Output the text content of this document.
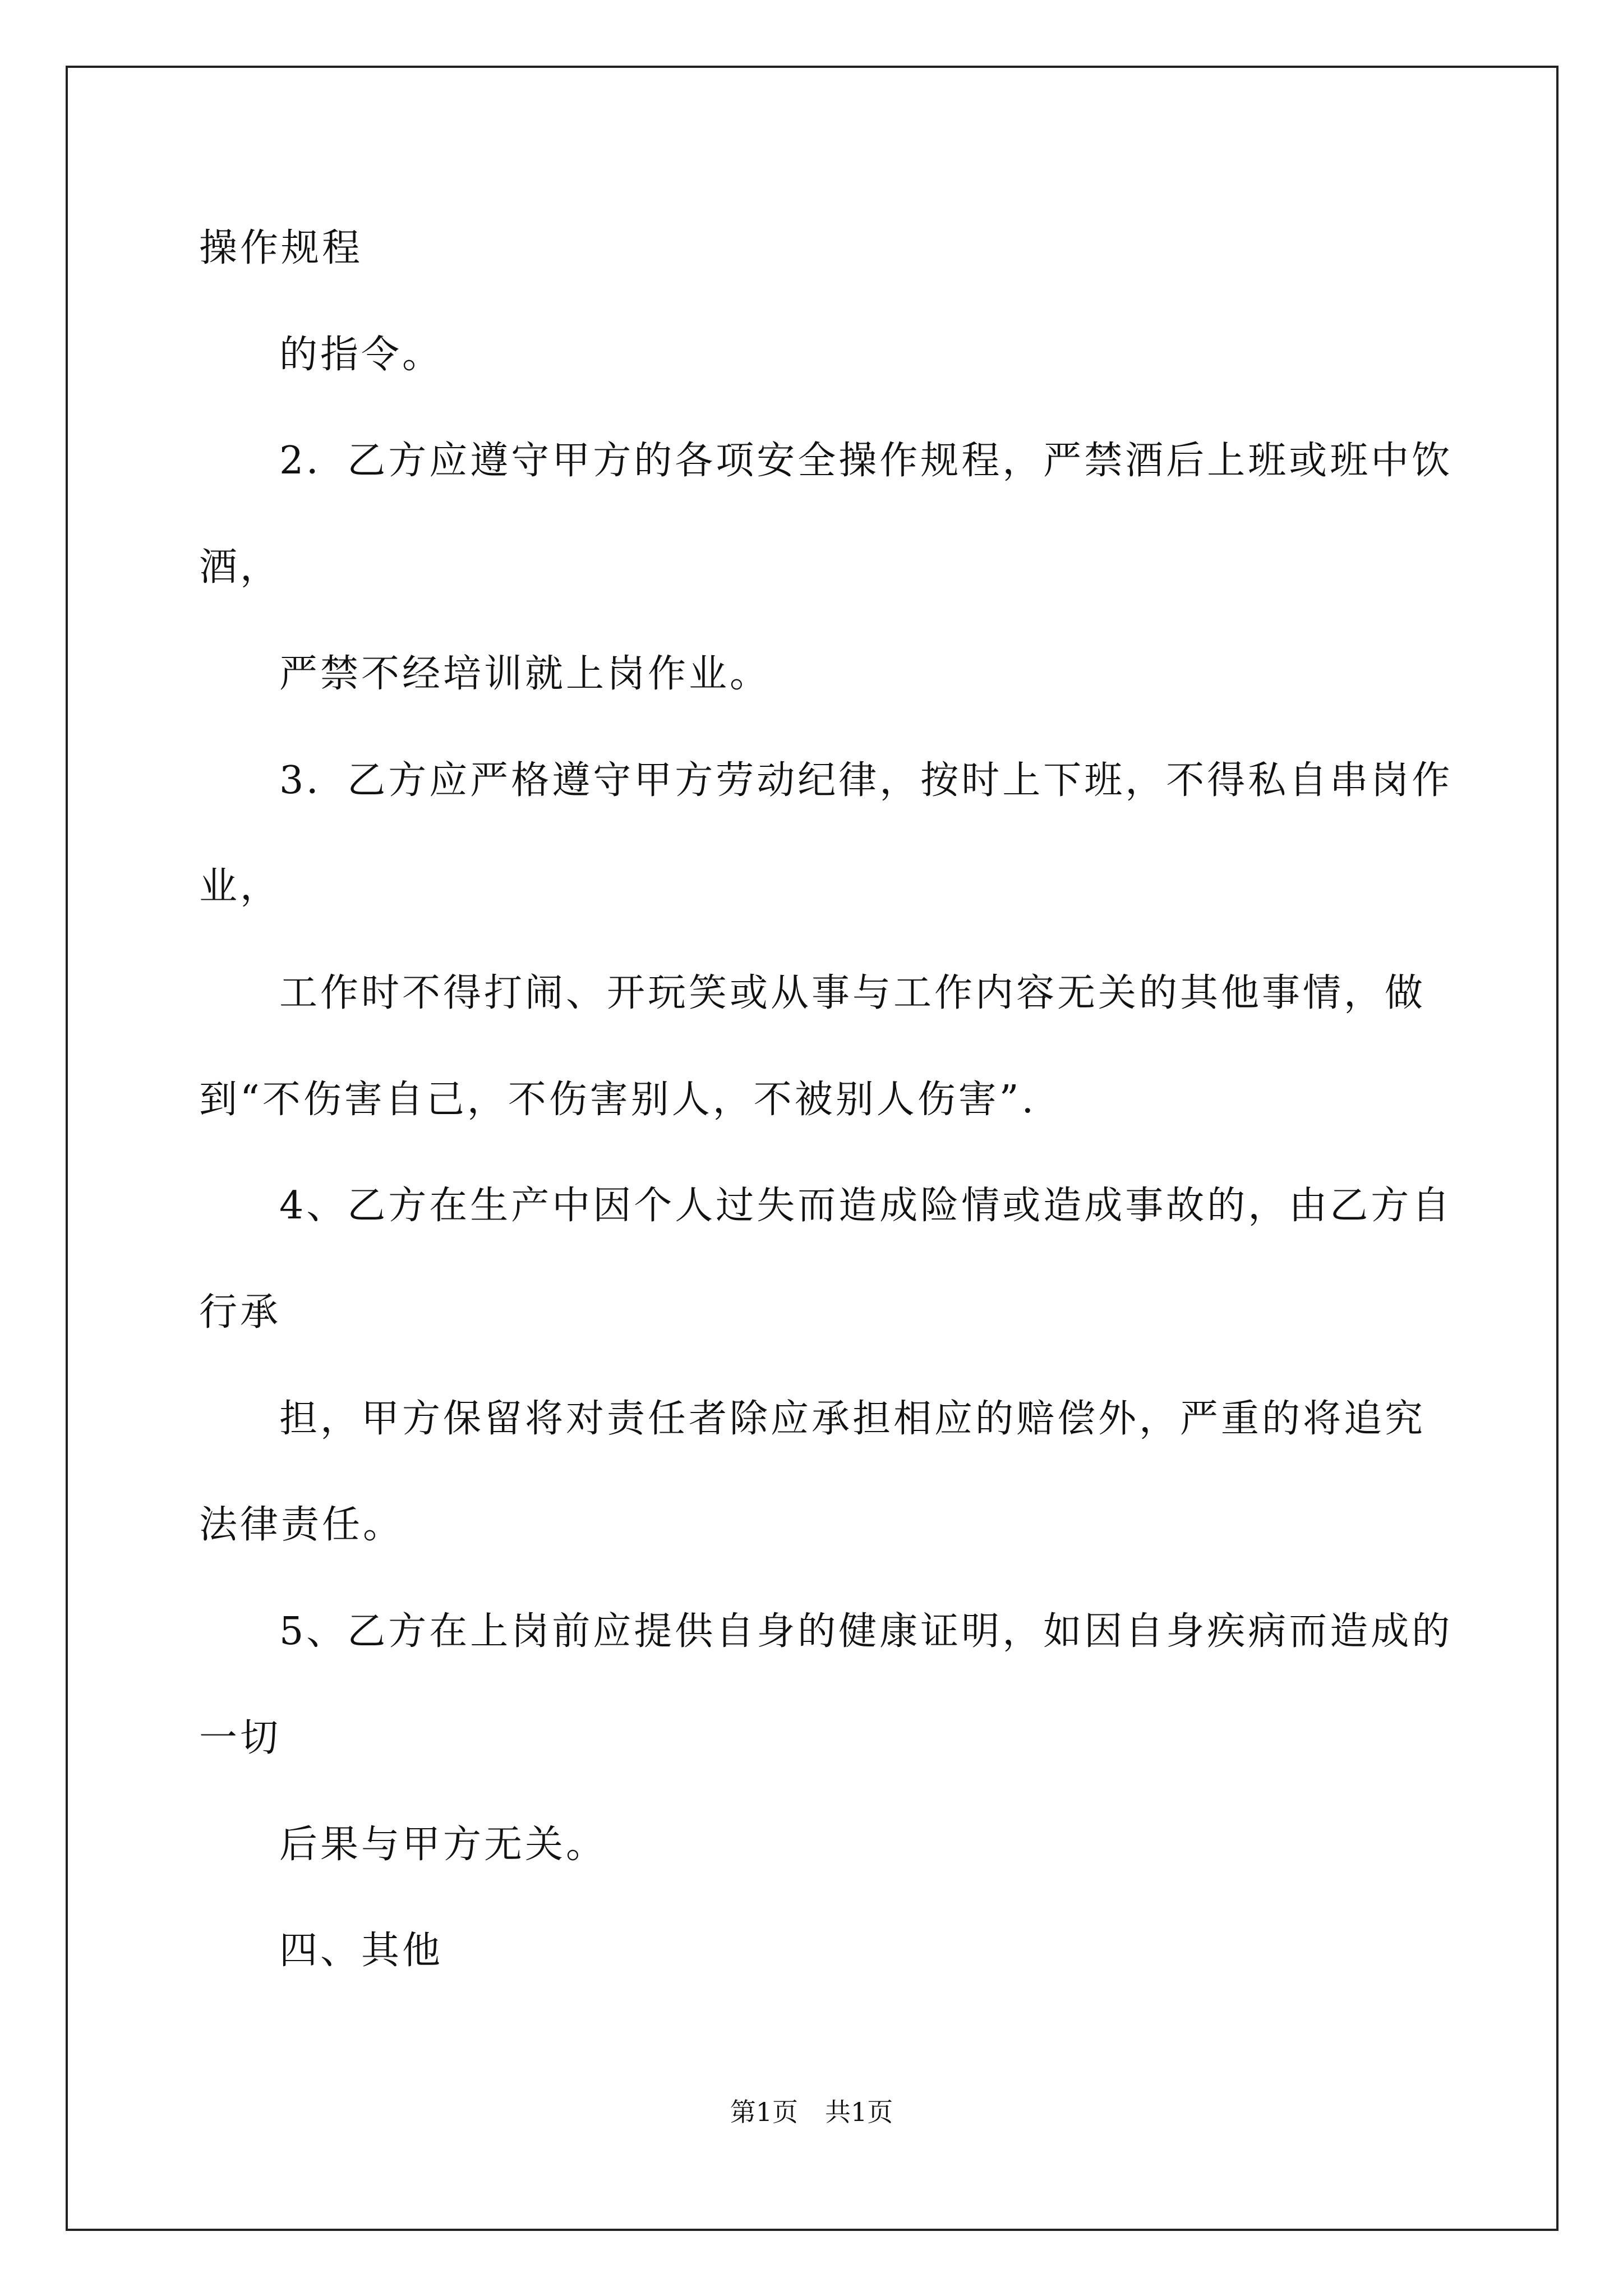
操作规程
的指令。
2．乙方应遵守甲方的各项安全操作规程，严禁酒后上班或班中饮
酒，
严禁不经培训就上岗作业。
3．乙方应严格遵守甲方劳动纪律，按时上下班，不得私自串岗作
业，
工作时不得打闹、开玩笑或从事与工作内容无关的其他事情，做
到“不伤害自己，不伤害别人，不被别人伤害”.
4、乙方在生产中因个人过失而造成险情或造成事故的，由乙方自
行承
担，甲方保留将对责任者除应承担相应的赔偿外，严重的将追究
法律责任。
5、乙方在上岗前应提供自身的健康证明，如因自身疾病而造成的
一切
后果与甲方无关。
四、其他
第1页 共1页
